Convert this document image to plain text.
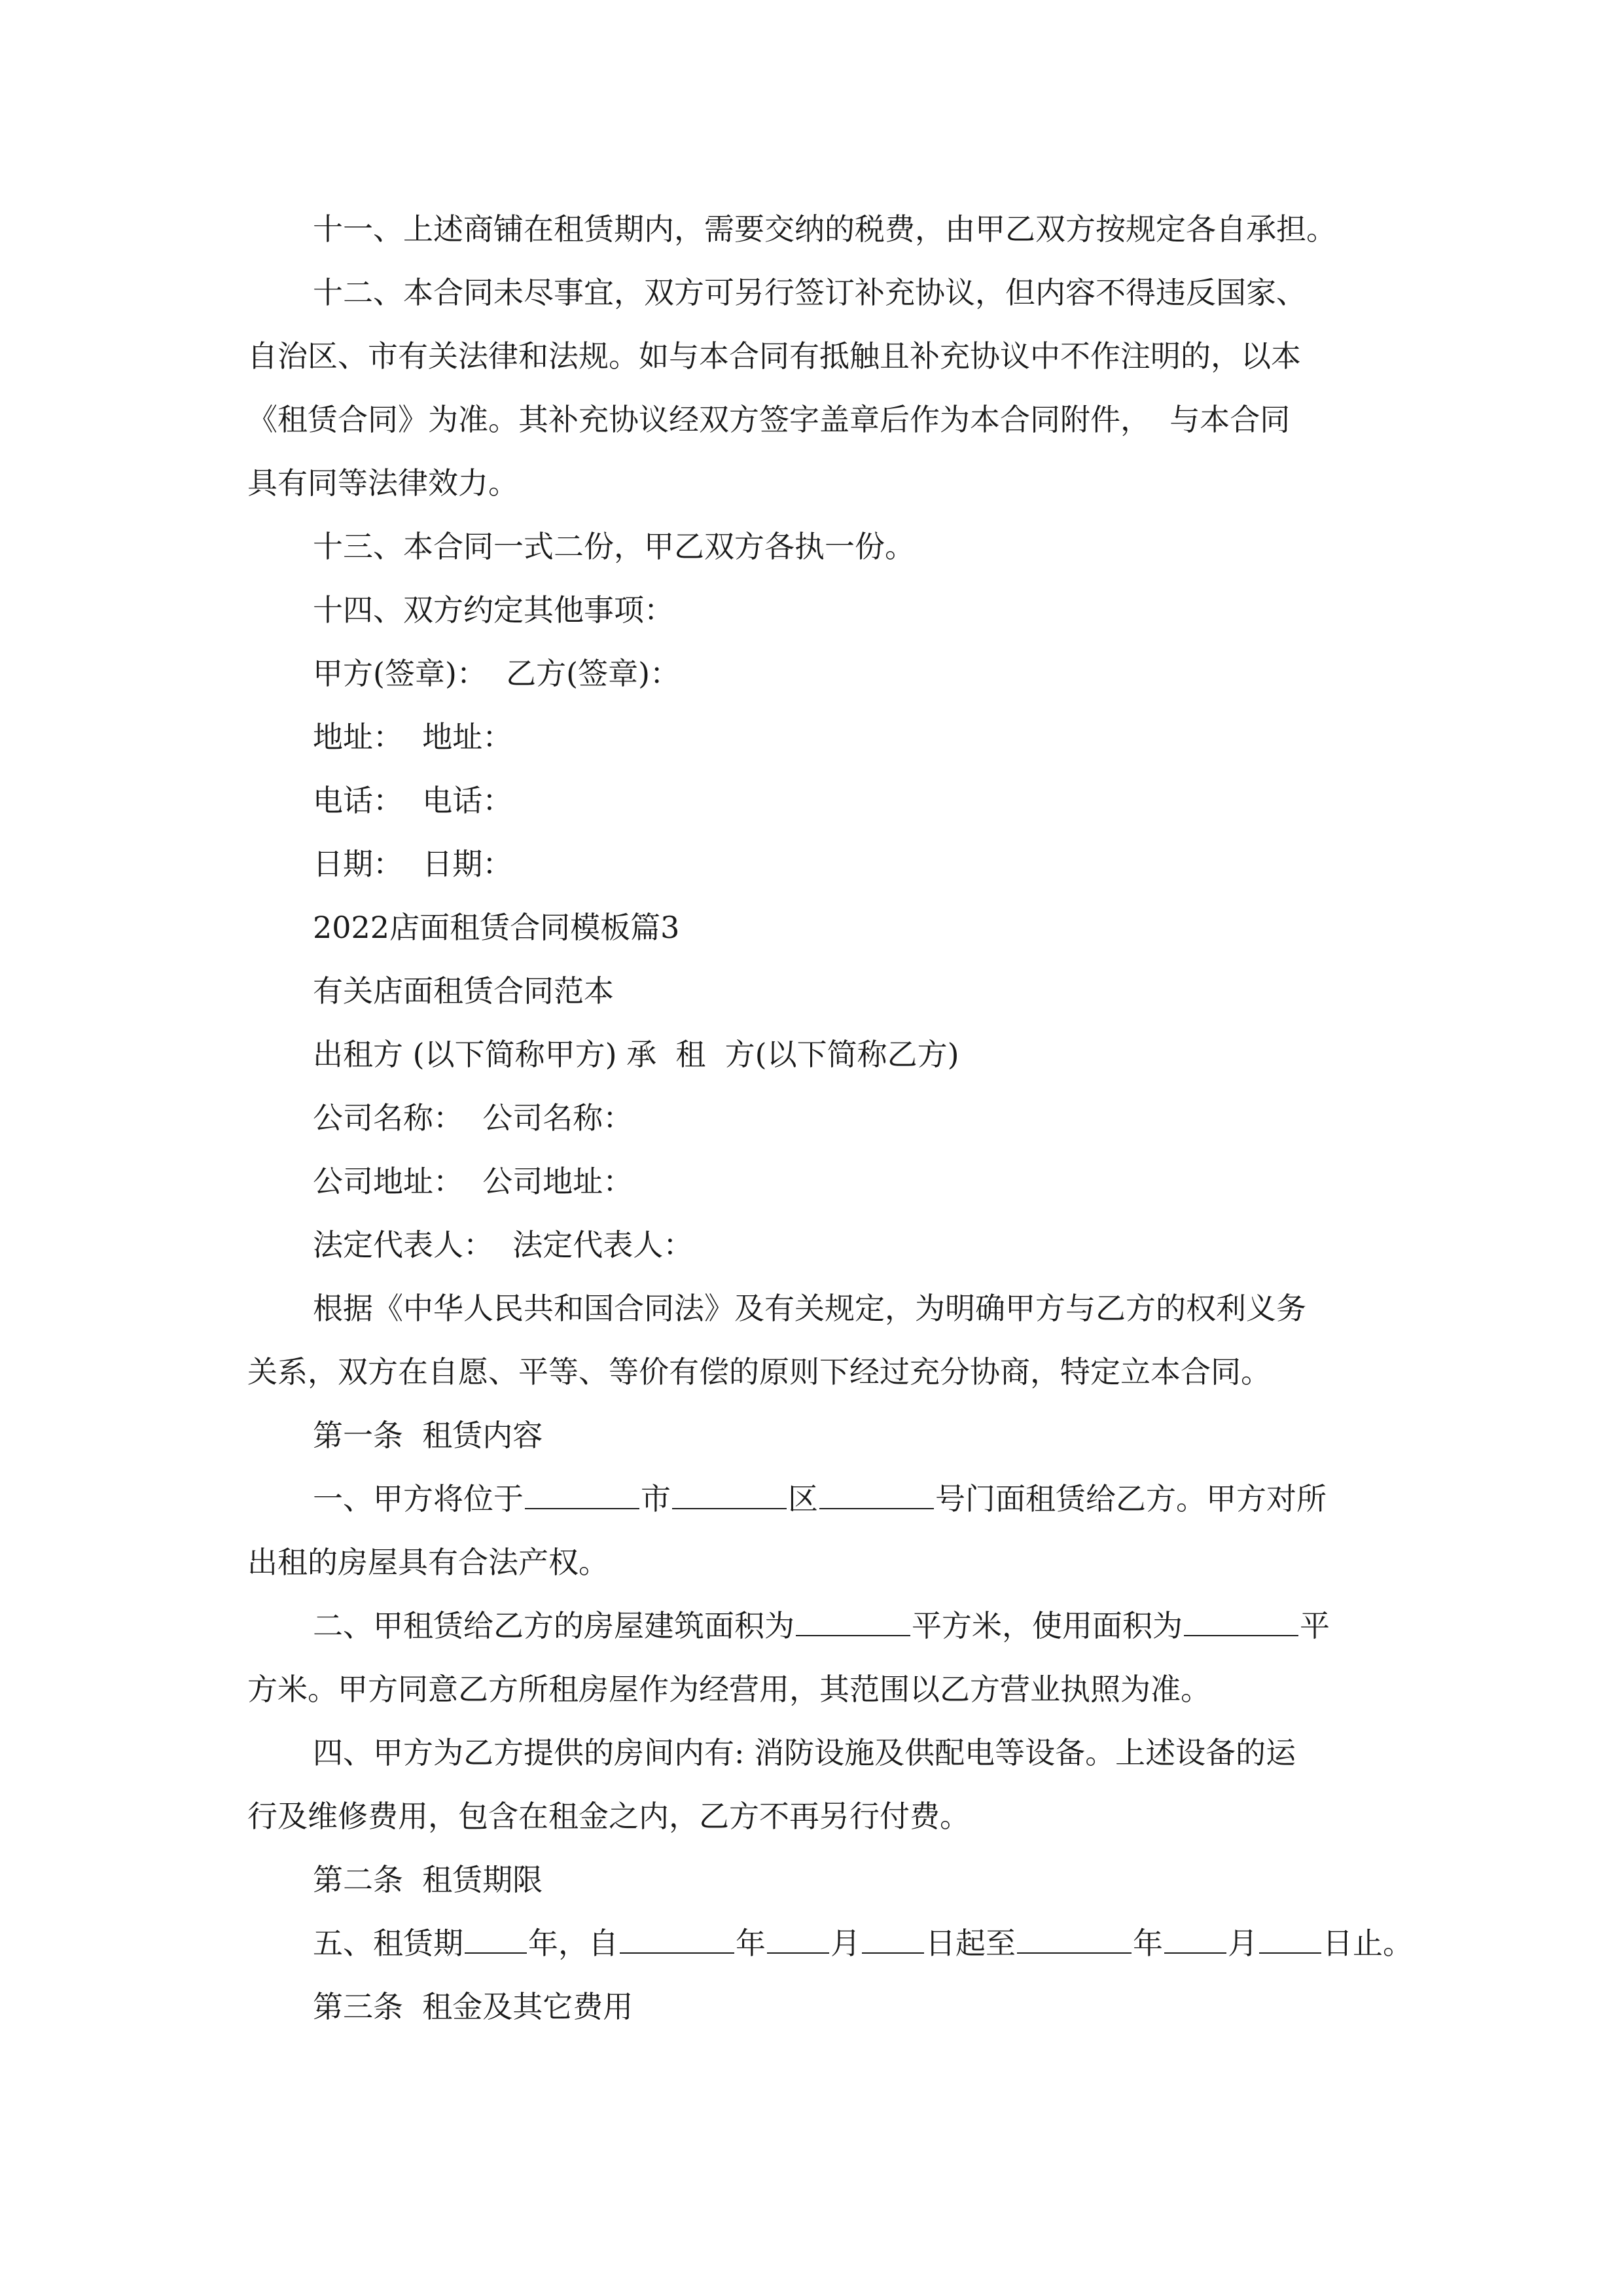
十一、上述商铺在租赁期内，需要交纳的税费，由甲乙双方按规定各自承担。
十二、本合同未尽事宜，双方可另行签订补充协议，但内容不得违反国家、
自治区、市有关法律和法规。如与本合同有抵触且补充协议中不作注明的，以本
《租赁合同》为准。其补充协议经双方签字盖章后作为本合同附件，  与本合同
具有同等法律效力。
十三、本合同一式二份，甲乙双方各执一份。
十四、双方约定其他事项：
甲方(签章)：  乙方(签章)：
地址：  地址：
电话：  电话：
日期：  日期：
2022店面租赁合同模板篇3
有关店面租赁合同范本
出租方 (以下简称甲方) 承  租  方(以下简称乙方)
公司名称：  公司名称：
公司地址：  公司地址：
法定代表人：  法定代表人：
根据《中华人民共和国合同法》及有关规定，为明确甲方与乙方的权利义务
关系，双方在自愿、平等、等价有偿的原则下经过充分协商，特定立本合同。
第一条  租赁内容
一、甲方将位于	市	区	号门面租赁给乙方。甲方对所
出租的房屋具有合法产权。
二、甲租赁给乙方的房屋建筑面积为	平方米，使用面积为	平
方米。甲方同意乙方所租房屋作为经营用，其范围以乙方营业执照为准。
四、甲方为乙方提供的房间内有: 消防设施及供配电等设备。上述设备的运
行及维修费用，包含在租金之内，乙方不再另行付费。
第二条  租赁期限
五、租赁期 年，自	年 月 日起至	年 月 日止。
第三条  租金及其它费用
